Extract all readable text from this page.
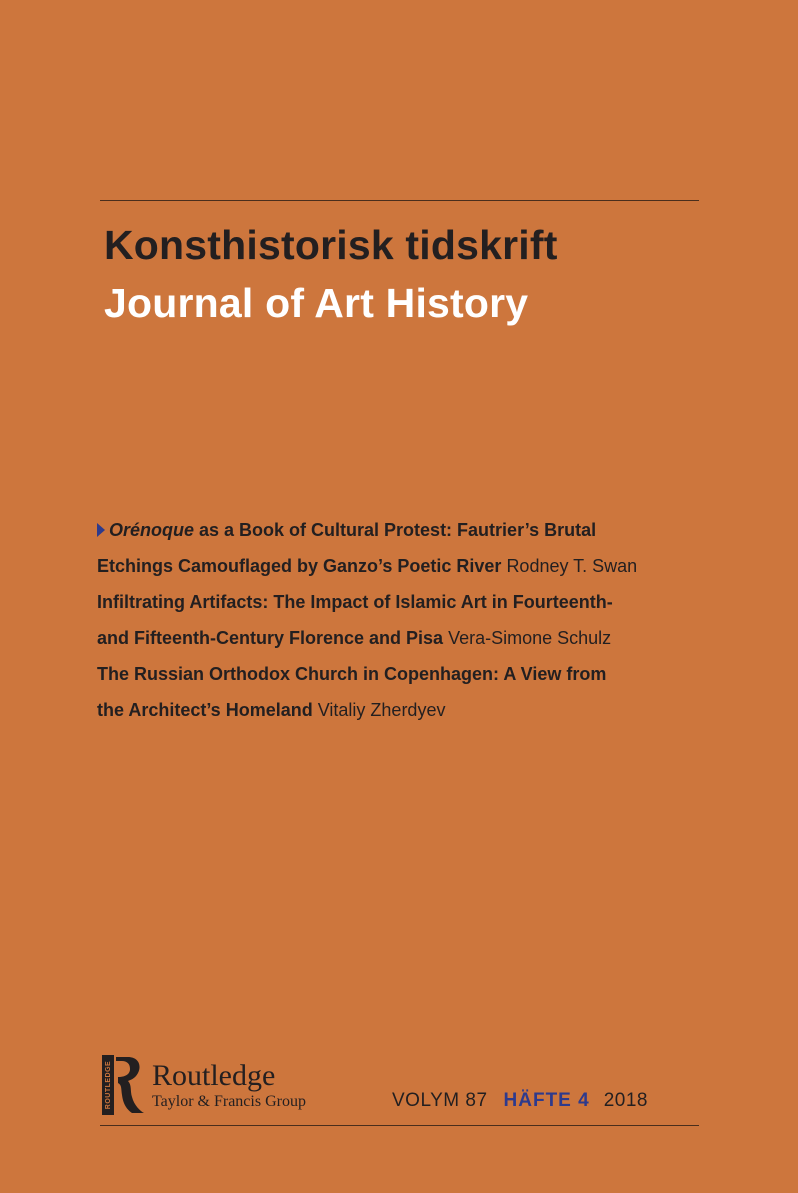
Konsthistorisk tidskrift
Journal of Art History
Orénoque as a Book of Cultural Protest: Fautrier’s Brutal
Etchings Camouflaged by Ganzo’s Poetic River Rodney T. Swan
Infiltrating Artifacts: The Impact of Islamic Art in Fourteenth-
and Fifteenth-Century Florence and Pisa Vera-Simone Schulz
The Russian Orthodox Church in Copenhagen: A View from
the Architect’s Homeland Vitaliy Zherdyev
ROUTLEDGE Routledge
Taylor & Francis Group	VOLYM 87 HÄFTE 4 2018
